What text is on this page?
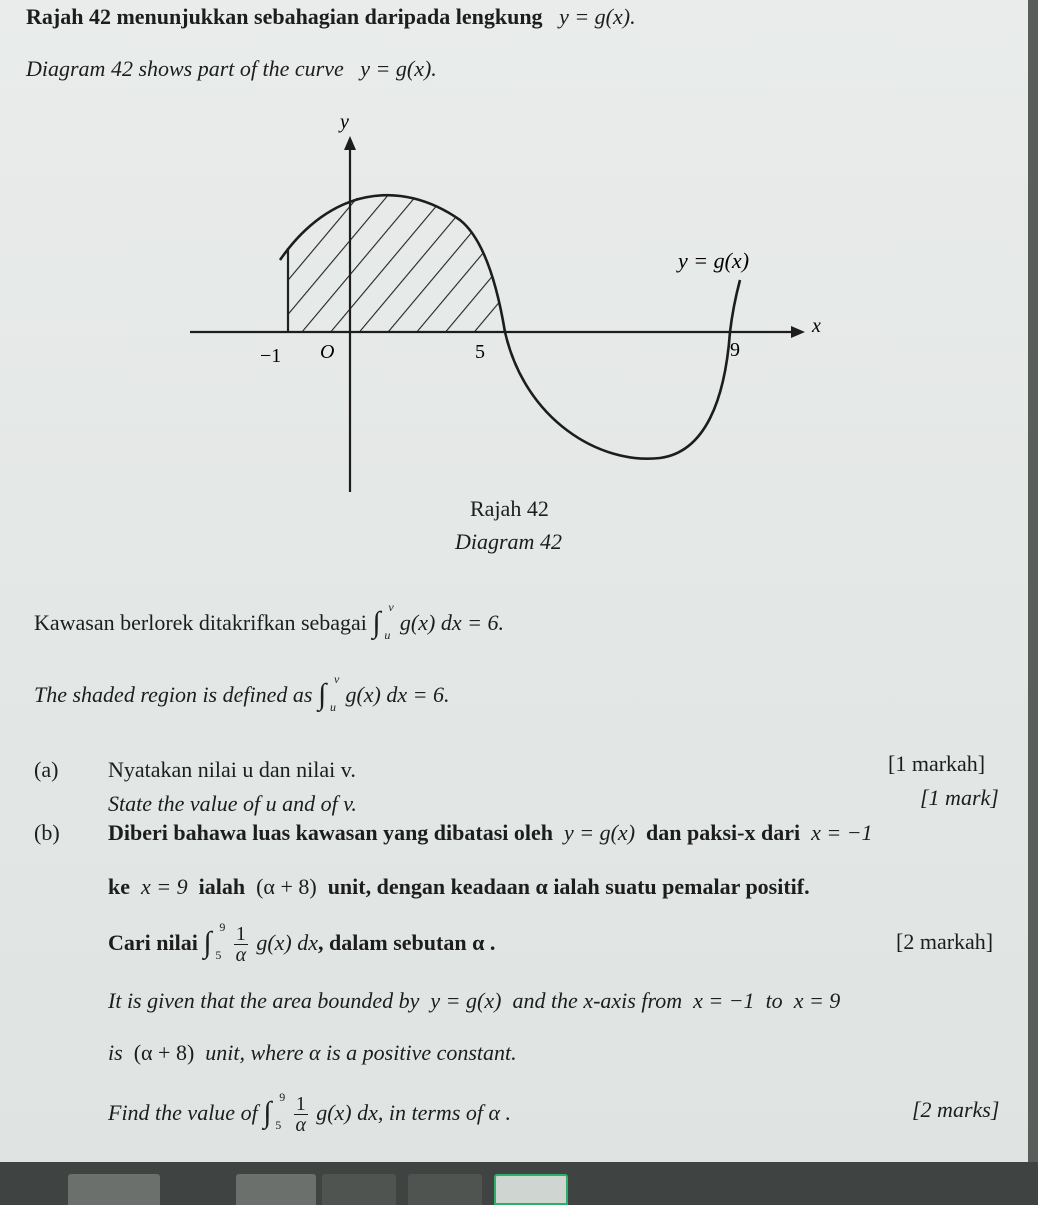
Rajah 42 menunjukkan sebahagian daripada lengkung y = g(x).
Diagram 42 shows part of the curve y = g(x).
y
x
y = g(x)
−1 O	5	9
Rajah 42
Diagram 42
Kawasan berlorek ditakrifkan sebagai ∫ v
u g(x) dx = 6.
The shaded region is defined as ∫ v
u g(x) dx = 6.
(a) Nyatakan nilai u dan nilai v.	[1 markah]
State the value of u and of v.	[1 mark]
(b) Diberi bahawa luas kawasan yang dibatasi oleh y = g(x) dan paksi-x dari x = −1
ke x = 9 ialah (α + 8) unit, dengan keadaan α ialah suatu pemalar positif.
Cari nilai ∫ 9
5
$\frac{1}{\alpha} g(x)$ dx, dalam sebutan α .	[2 markah]
It is given that the area bounded by y = g(x) and the x-axis from x = −1 to x = 9
is (α + 8) unit, where α is a positive constant.
Find the value of ∫ 9
5
$\frac{1}{\alpha} g(x)$ dx, in terms of α .	[2 marks]
